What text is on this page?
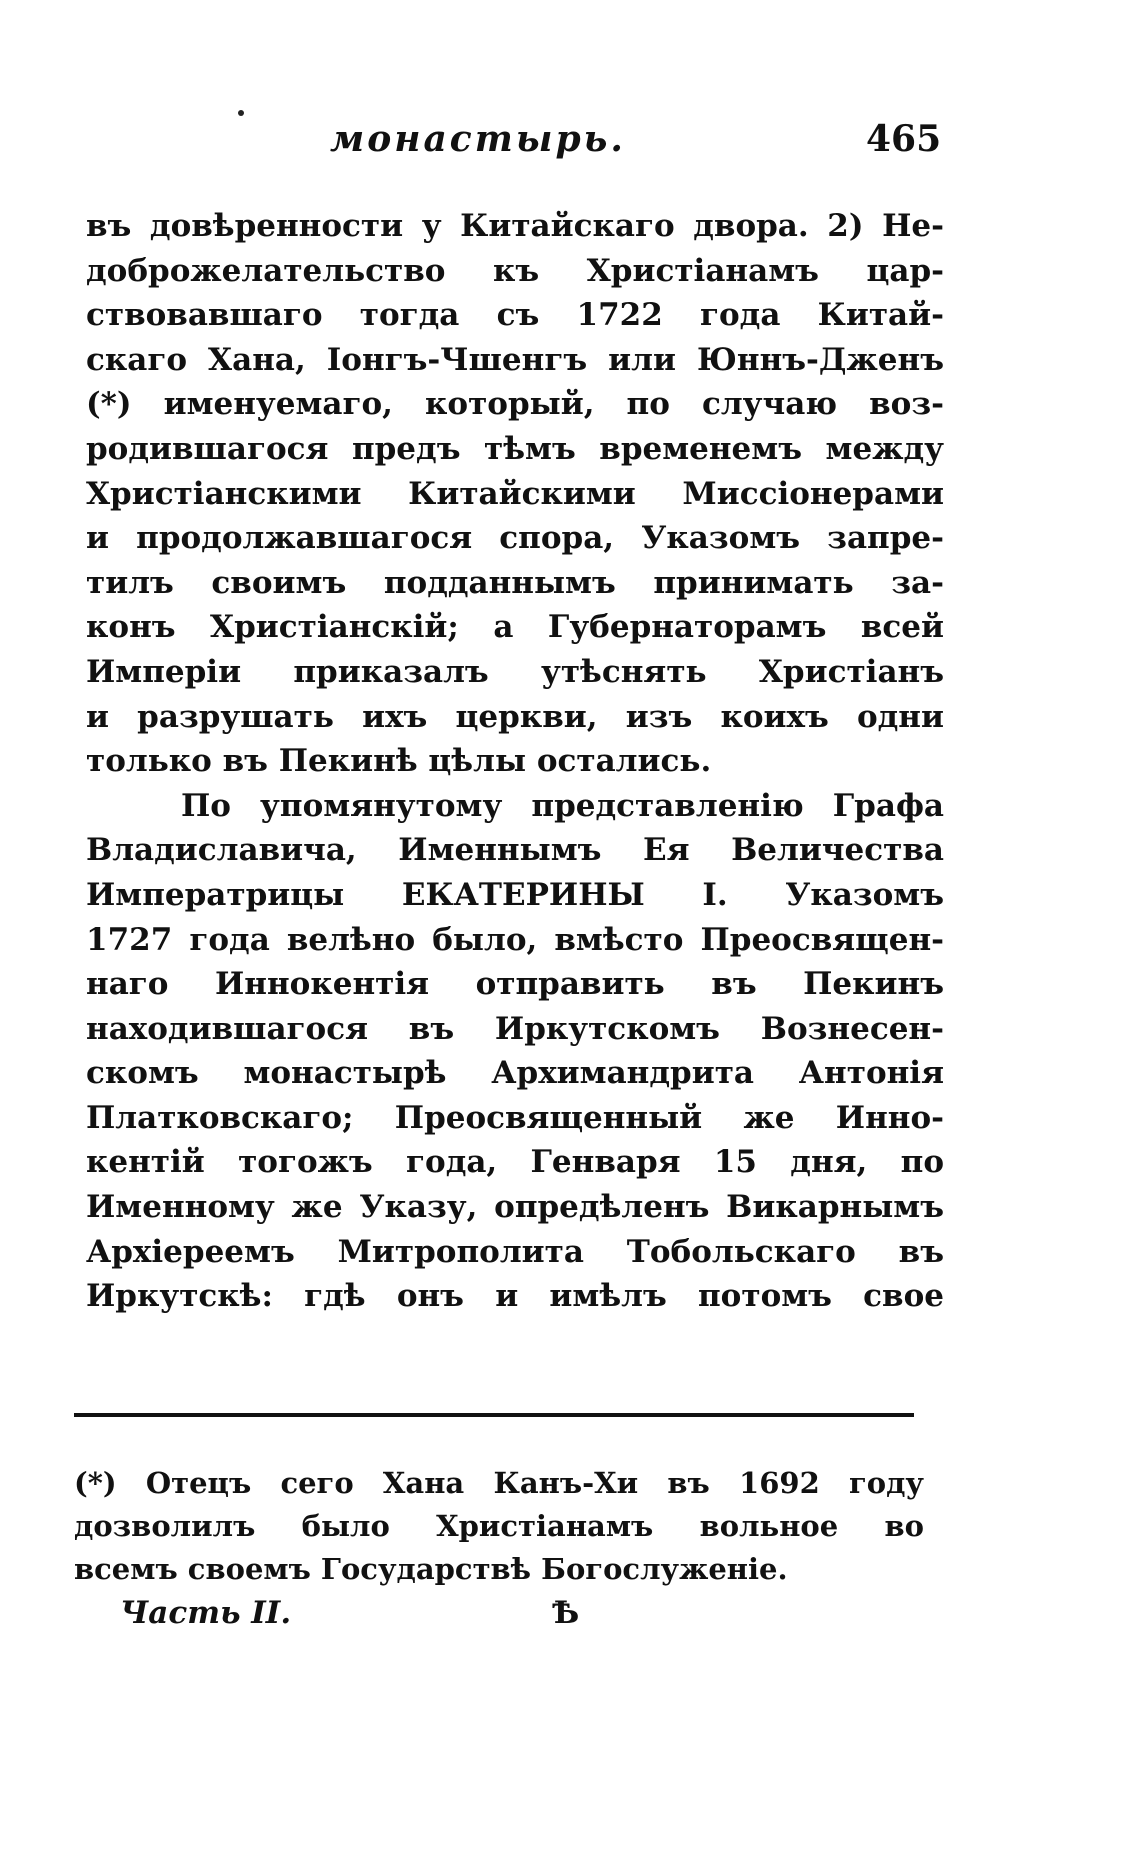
монастырь.	465
въ довѣренности у Китайскаго двора. 2) Не-
доброжелательство къ Христіанамъ цар-
ствовавшаго тогда съ 1722 года Китай-
скаго Хана, Іонгъ-Чшенгъ или Юннъ-Дженъ
(*) именуемаго, который, по случаю воз-
родившагося предъ тѣмъ временемъ между
Христіанскими Китайскими Миссіонерами
и продолжавшагося спора, Указомъ запре-
тилъ своимъ подданнымъ принимать за-
конъ Христіанскій; а Губернаторамъ всей
Имперіи приказалъ утѣснять Христіанъ
и разрушать ихъ церкви, изъ коихъ одни
только въ Пекинѣ цѣлы остались.
По упомянутому представленію Графа
Владиславича, Именнымъ Ея Величества
Императрицы ЕКАТЕРИНЫ I. Указомъ
1727 года велѣно было, вмѣсто Преосвящен-
наго Иннокентія отправить въ Пекинъ
находившагося въ Иркутскомъ Вознесен-
скомъ монастырѣ Архимандрита Антонія
Платковскаго; Преосвященный же Инно-
кентій тогожъ года, Генваря 15 дня, по
Именному же Указу, опредѣленъ Викарнымъ
Архіереемъ Митрополита Тобольскаго въ
Иркутскѣ: гдѣ онъ и имѣлъ потомъ свое
(*) Отецъ сего Хана Канъ-Хи въ 1692 году
дозволилъ было Христіанамъ вольное во
всемъ своемъ Государствѣ Богослуженіе.
Часть II.	Ѣ
